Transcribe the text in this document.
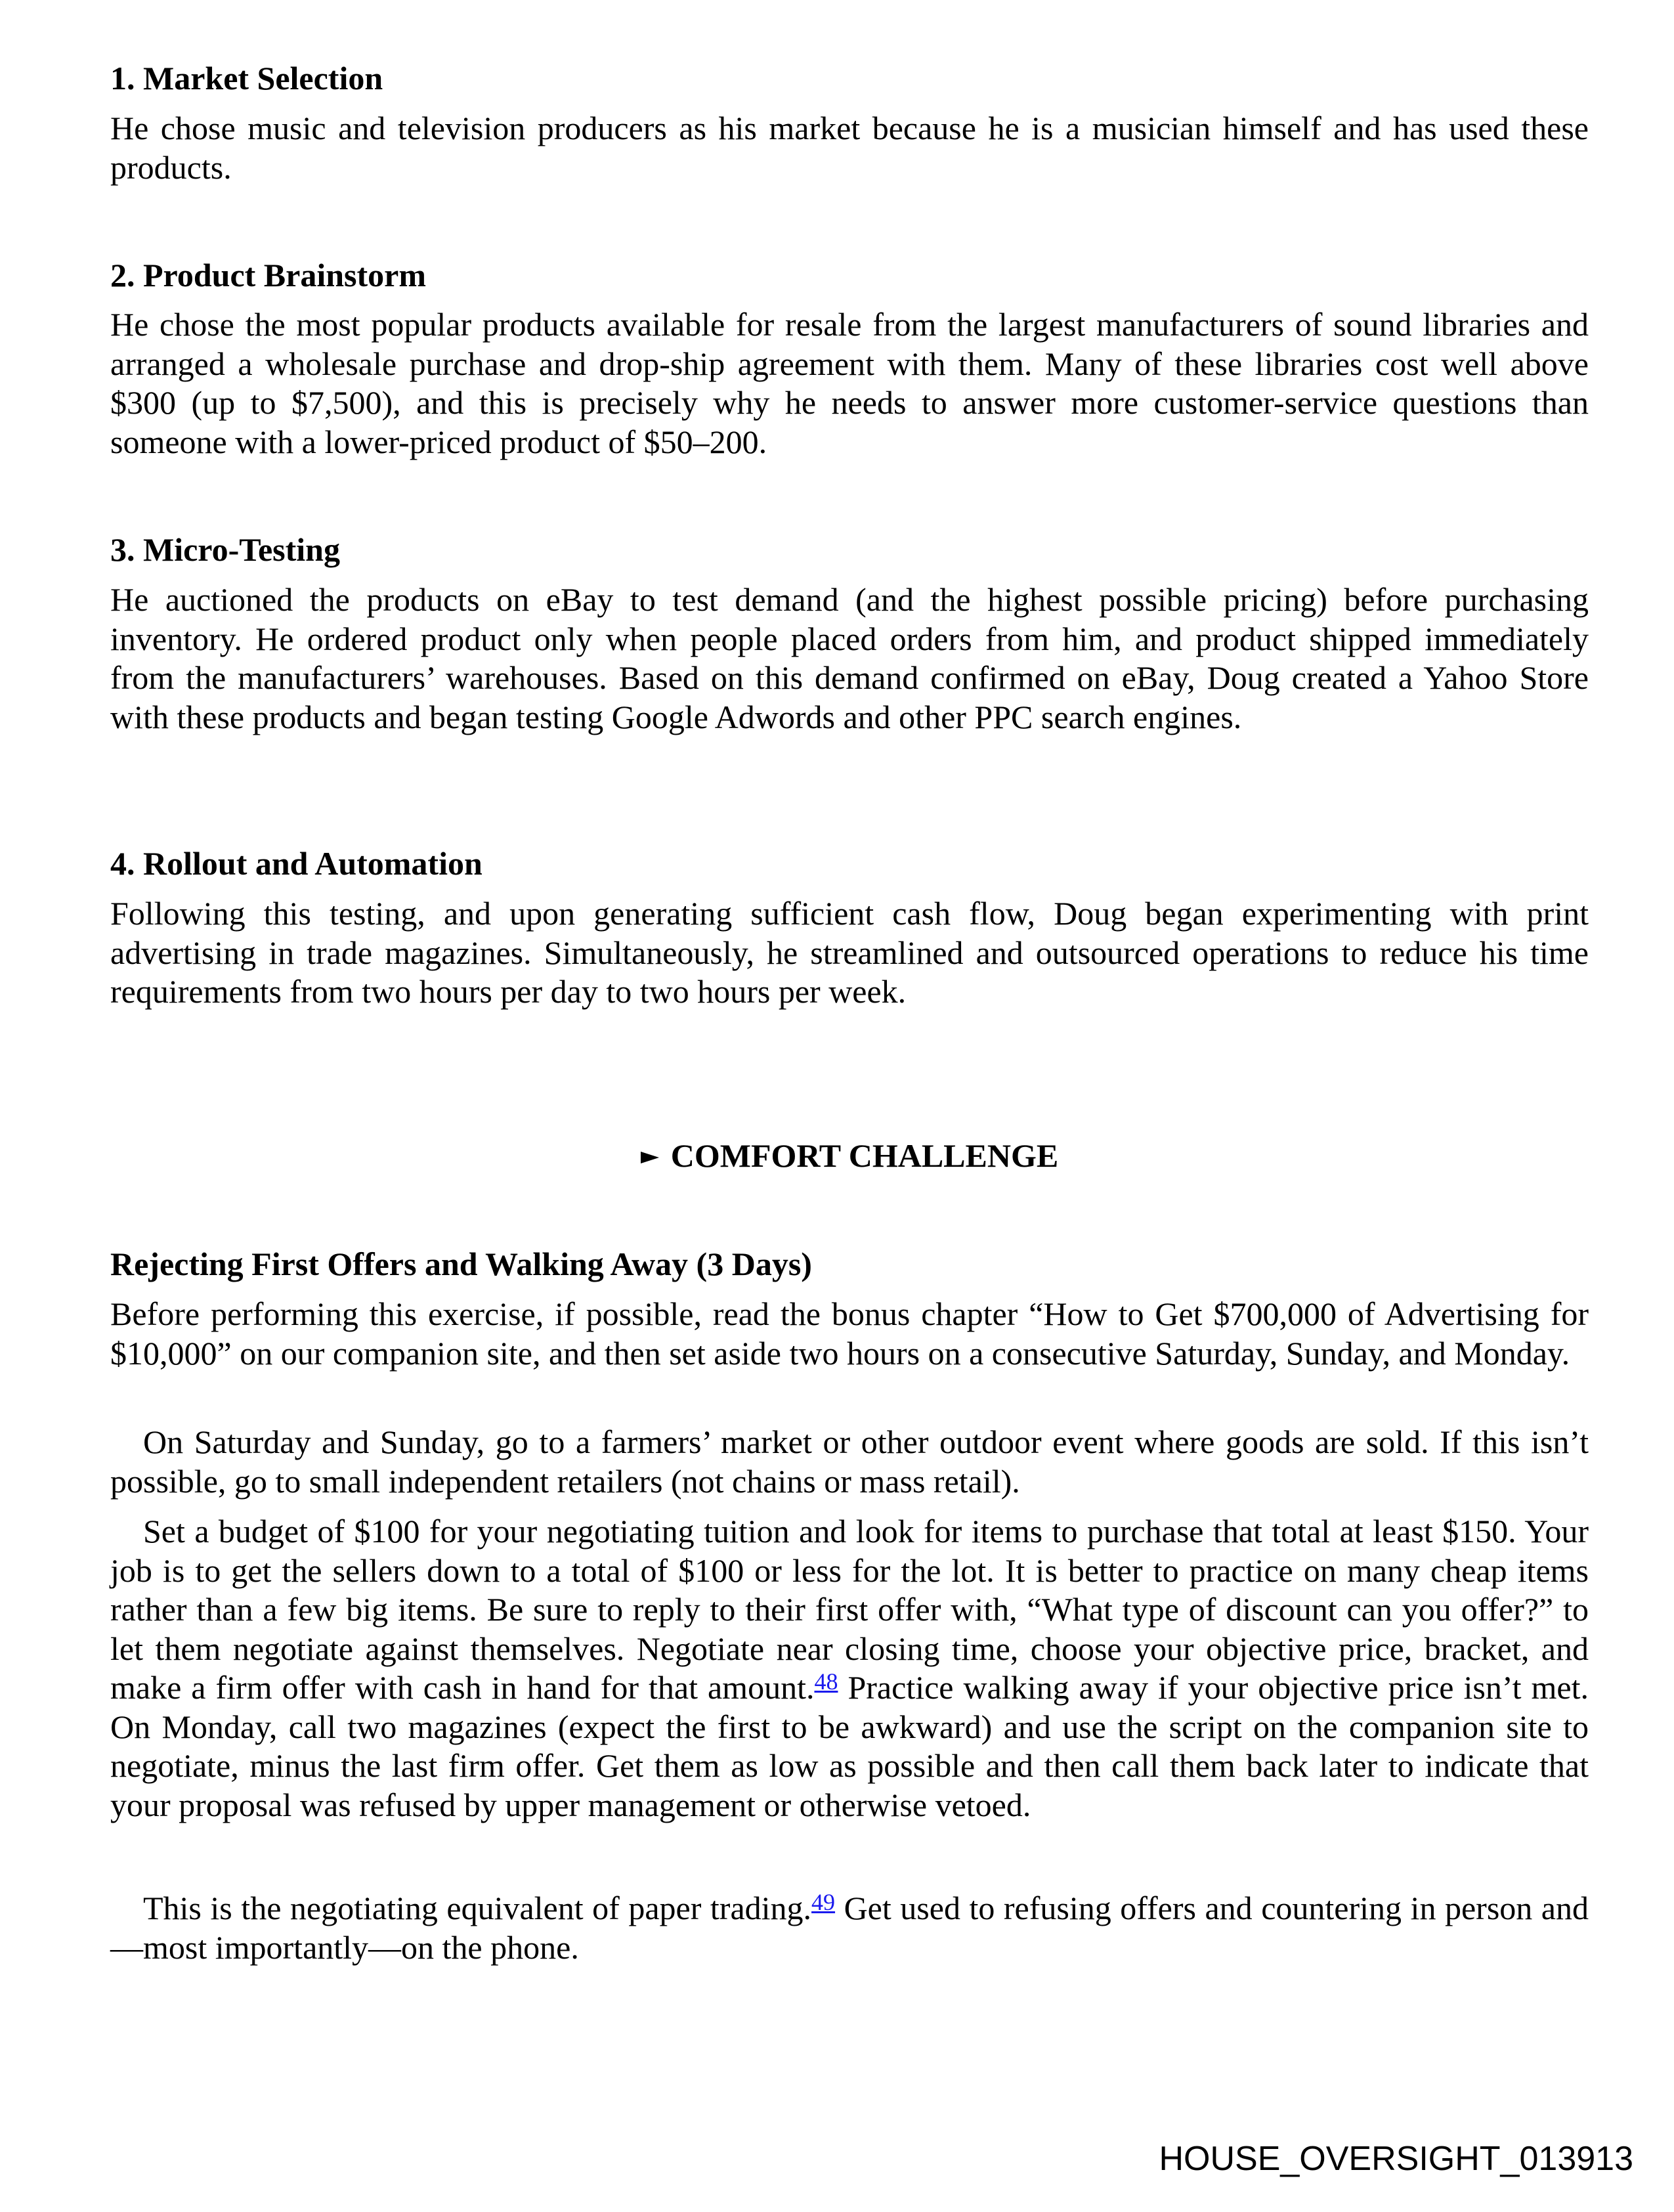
1. Market Selection

He chose music and television producers as his market because he is a musician himself and has used these products.

2. Product Brainstorm

He chose the most popular products available for resale from the largest manufacturers of sound libraries and arranged a wholesale purchase and drop-ship agreement with them. Many of these libraries cost well above $300 (up to $7,500), and this is precisely why he needs to answer more customer-service questions than someone with a lower-priced product of $50–200.

3. Micro-Testing

He auctioned the products on eBay to test demand (and the highest possible pricing) before purchasing inventory. He ordered product only when people placed orders from him, and product shipped immediately from the manufacturers’ warehouses. Based on this demand confirmed on eBay, Doug created a Yahoo Store with these products and began testing Google Adwords and other PPC search engines.

4. Rollout and Automation

Following this testing, and upon generating sufficient cash flow, Doug began experimenting with print advertising in trade magazines. Simultaneously, he streamlined and outsourced operations to reduce his time requirements from two hours per day to two hours per week.

COMFORT CHALLENGE
Rejecting First Offers and Walking Away (3 Days)

Before performing this exercise, if possible, read the bonus chapter “How to Get $700,000 of Advertising for $10,000” on our companion site, and then set aside two hours on a consecutive Saturday, Sunday, and Monday.

On Saturday and Sunday, go to a farmers’ market or other outdoor event where goods are sold. If this isn’t possible, go to small independent retailers (not chains or mass retail).

Set a budget of $100 for your negotiating tuition and look for items to purchase that total at least $150. Your job is to get the sellers down to a total of $100 or less for the lot. It is better to practice on many cheap items rather than a few big items. Be sure to reply to their first offer with, “What type of discount can you offer?” to let them negotiate against themselves. Negotiate near closing time, choose your objective price, bracket, and make a firm offer with cash in hand for that amount.$^{48}$ Practice walking away if your objective price isn’t met. On Monday, call two magazines (expect the first to be awkward) and use the script on the companion site to negotiate, minus the last firm offer. Get them as low as possible and then call them back later to indicate that your proposal was refused by upper management or otherwise vetoed.

This is the negotiating equivalent of paper trading.$^{49}$ Get used to refusing offers and countering in person and—most importantly—on the phone.

HOUSE_OVERSIGHT_013913
